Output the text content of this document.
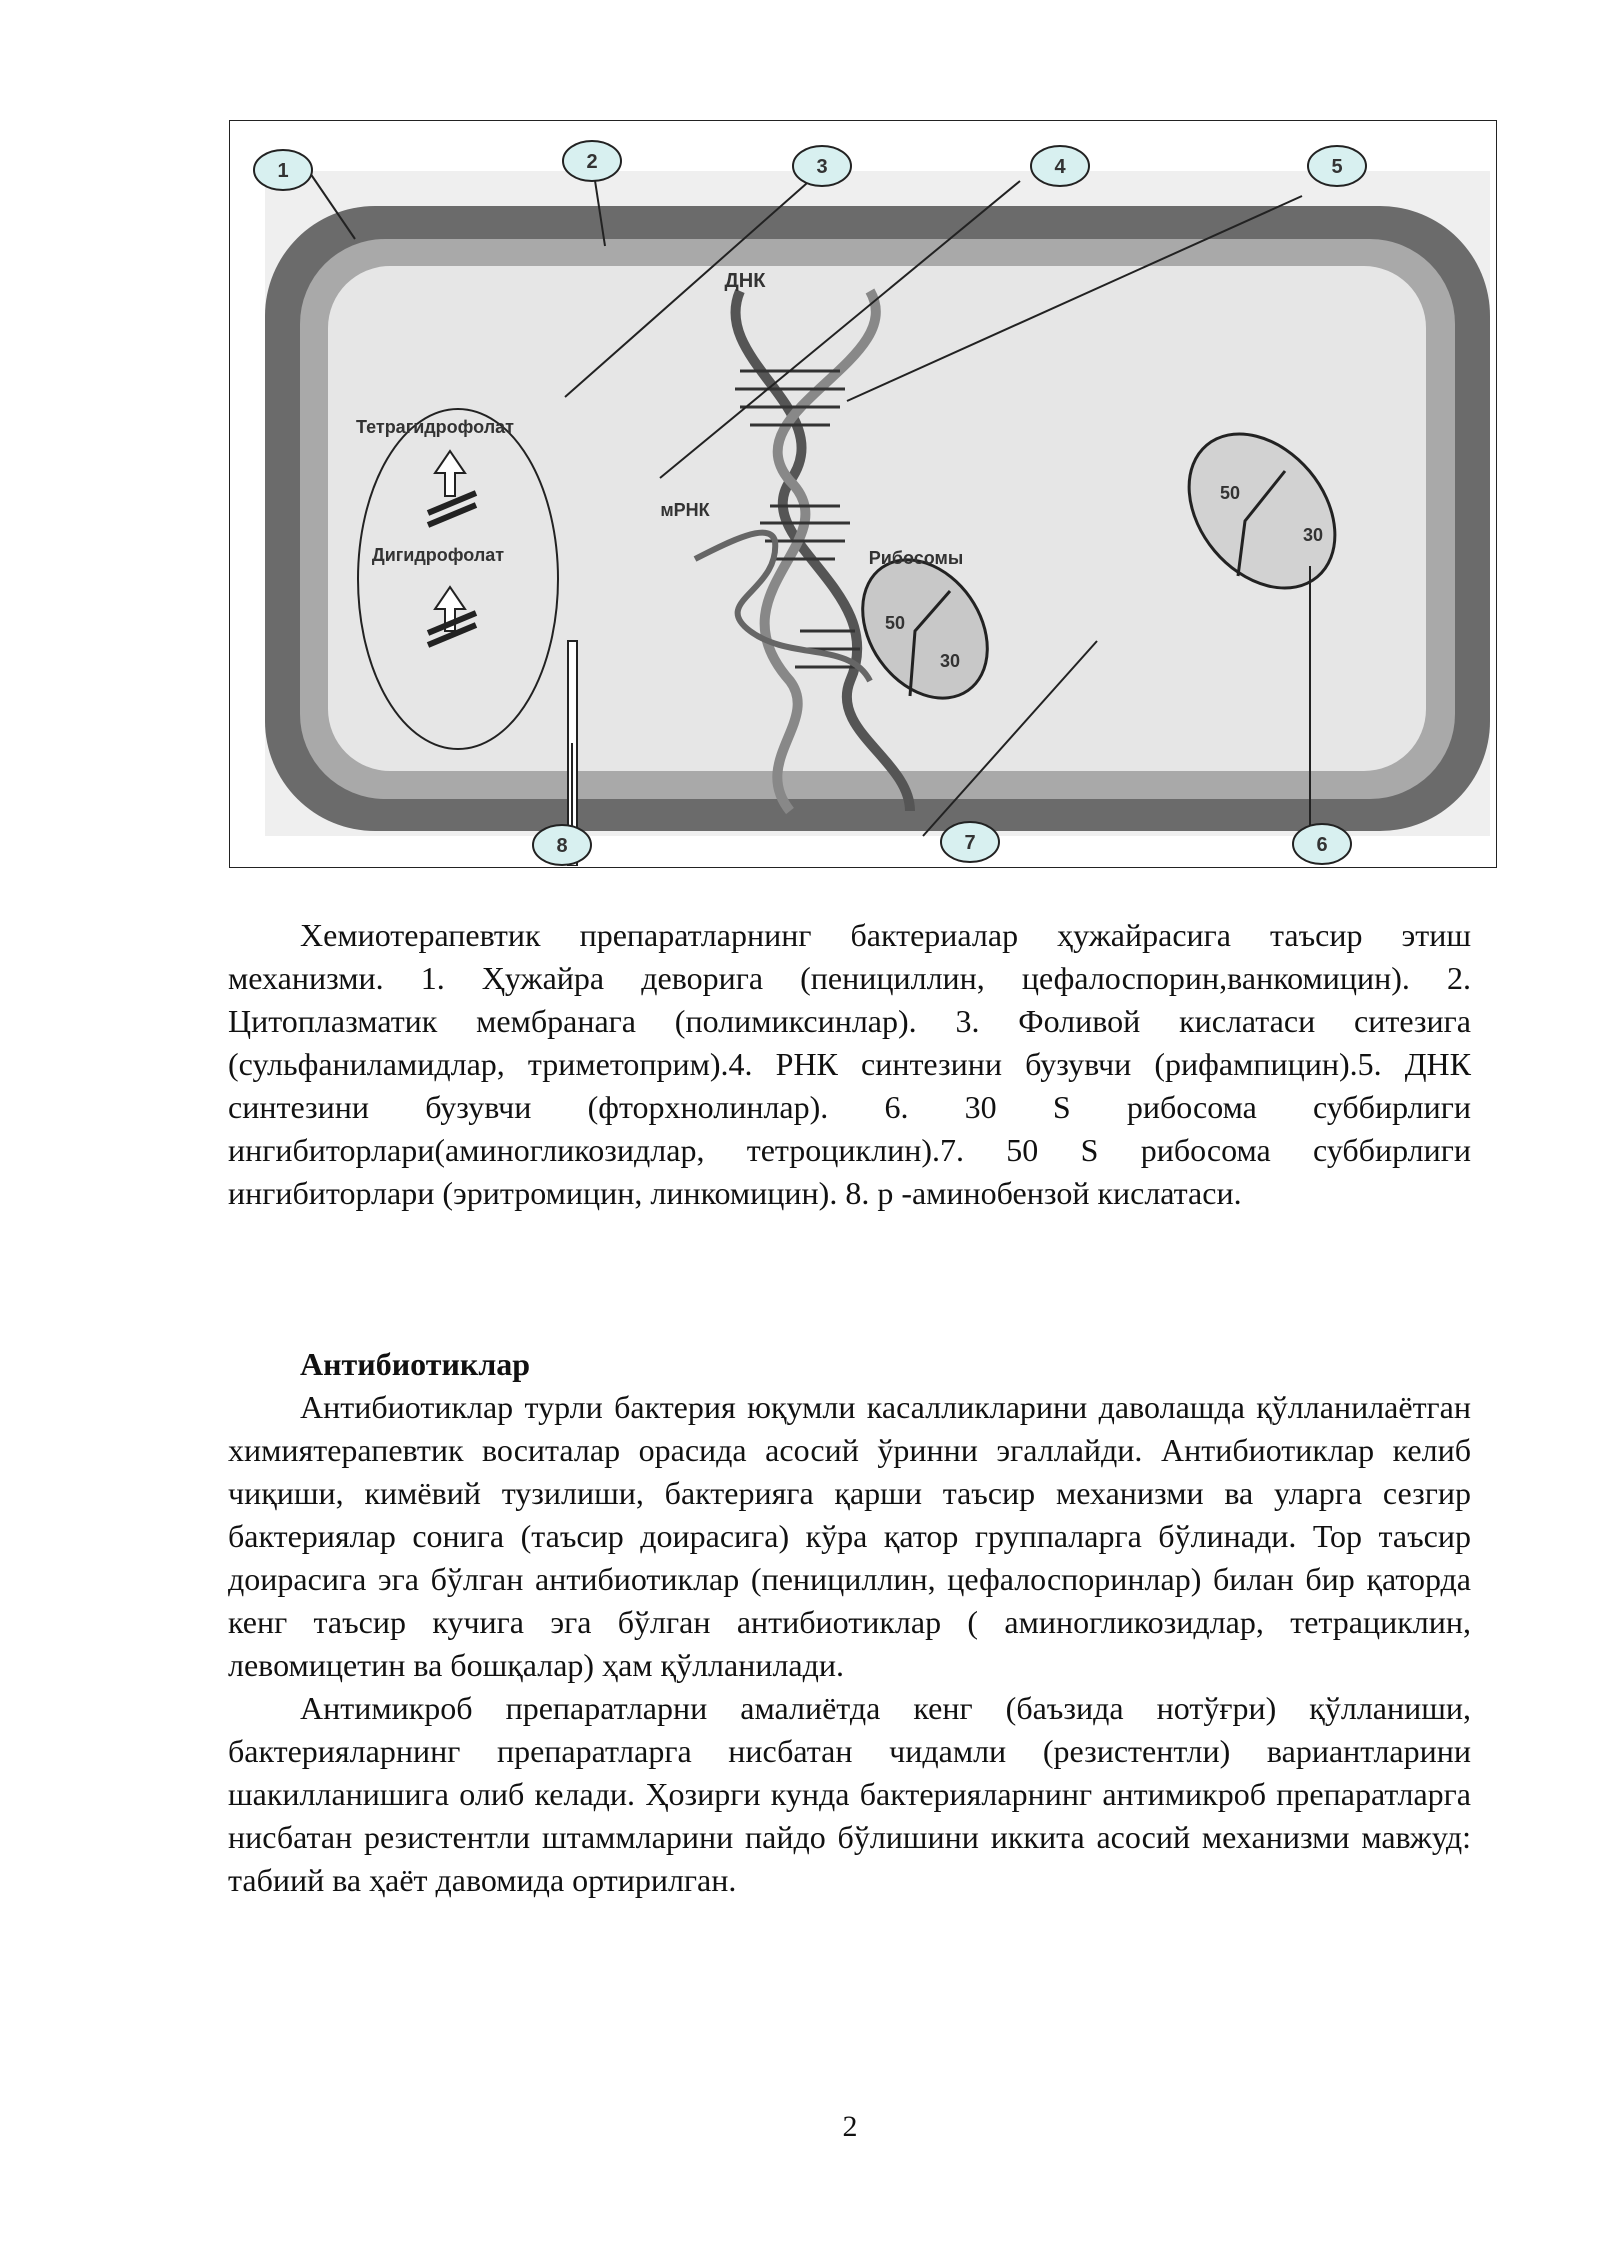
Тетрагидрофолат
Дигидрофолат
ДНК
мРНК
50
30
Рибосомы
50
30
1	2	3	4	5
6
7
8

Хемиотерапевтик препаратларнинг бактериалар ҳужайрасига таъсир этиш механизми. 1. Ҳужайра деворига (пенициллин, цефалоспорин,ванкомицин). 2. Цитоплазматик мембранага (полимиксинлар). 3. Фоливой кислатаси ситезига (сульфаниламидлар, триметоприм).4. РНК синтезини бузувчи (рифампицин).5. ДНК синтезини бузувчи (фторхнолинлар). 6. 30 S рибосома суббирлиги ингибиторлари(аминогликозидлар, тетроциклин).7. 50 S рибосома суббирлиги ингибиторлари (эритромицин, линкомицин). 8. р -аминобензой кислатаси.

Антибиотиклар

Антибиотиклар турли бактерия юқумли касалликларини даволашда қўлланилаётган химиятерапевтик воситалар орасида асосий ўринни эгаллайди. Антибиотиклар келиб чиқиши, кимёвий тузилиши, бактерияга қарши таъсир механизми ва уларга сезгир бактериялар сонига (таъсир доирасига) кўра қатор группаларга бўлинади. Тор таъсир доирасига эга бўлган антибиотиклар (пенициллин, цефалоспоринлар) билан бир қаторда кенг таъсир кучига эга бўлган антибиотиклар ( аминогликозидлар, тетрациклин, левомицетин ва бошқалар) ҳам қўлланилади.

Антимикроб препаратларни амалиётда кенг (баъзида нотўғри) қўлланиши, бактерияларнинг препаратларга нисбатан чидамли (резистентли) вариантларини шакилланишига олиб келади. Ҳозирги кунда бактерияларнинг антимикроб препаратларга нисбатан резистентли штаммларини пайдо бўлишини иккита асосий механизми мавжуд: табиий ва ҳаёт давомида ортирилган.

2
